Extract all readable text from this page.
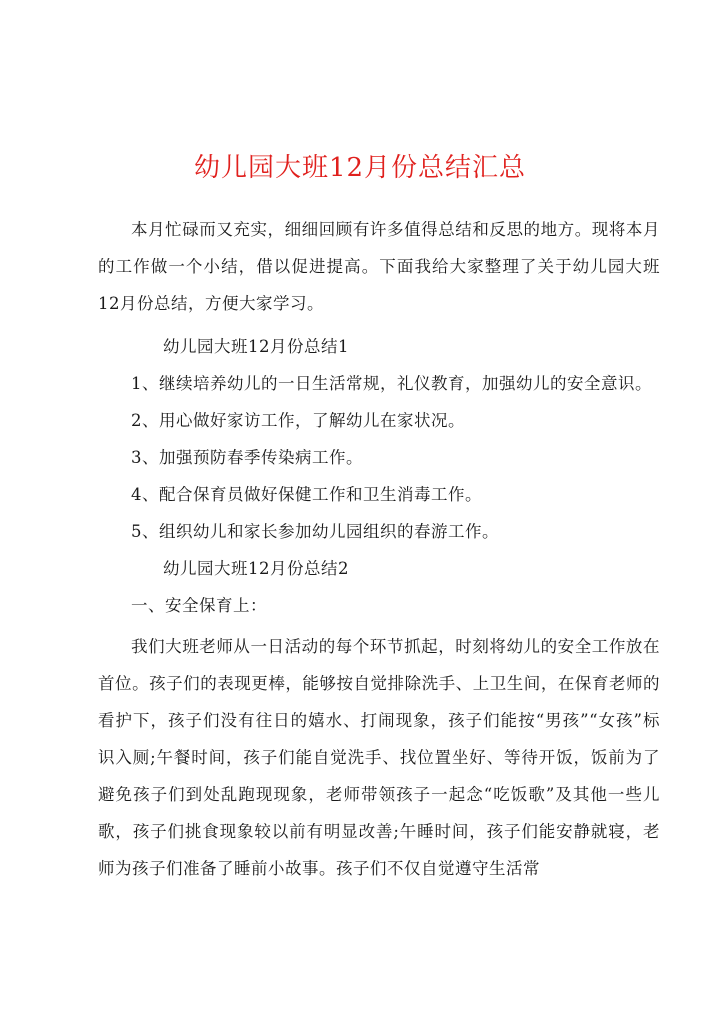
幼儿园大班12月份总结汇总
本月忙碌而又充实，细细回顾有许多值得总结和反思的地方。现将本月的工作做一个小结，借以促进提高。下面我给大家整理了关于幼儿园大班12月份总结，方便大家学习。
幼儿园大班12月份总结1
1、继续培养幼儿的一日生活常规，礼仪教育，加强幼儿的安全意识。
2、用心做好家访工作，了解幼儿在家状况。
3、加强预防春季传染病工作。
4、配合保育员做好保健工作和卫生消毒工作。
5、组织幼儿和家长参加幼儿园组织的春游工作。
幼儿园大班12月份总结2
一、安全保育上：
我们大班老师从一日活动的每个环节抓起，时刻将幼儿的安全工作放在首位。孩子们的表现更棒，能够按自觉排除洗手、上卫生间，在保育老师的看护下，孩子们没有往日的嬉水、打闹现象，孩子们能按“男孩”“女孩”标识入厕;午餐时间，孩子们能自觉洗手、找位置坐好、等待开饭，饭前为了避免孩子们到处乱跑现现象，老师带领孩子一起念“吃饭歌”及其他一些儿歌，孩子们挑食现象较以前有明显改善;午睡时间，孩子们能安静就寝，老师为孩子们准备了睡前小故事。孩子们不仅自觉遵守生活常
